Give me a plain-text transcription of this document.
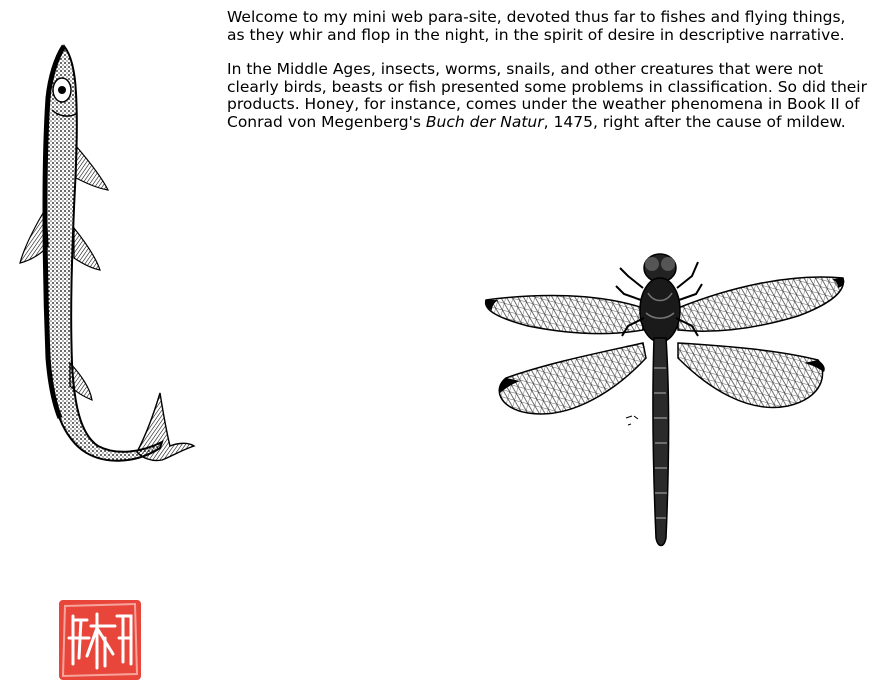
Welcome to my mini web para-site, devoted thus far to fishes and flying things, as they whir and flop in the night, in the spirit of desire in descriptive narrative.

In the Middle Ages, insects, worms, snails, and other creatures that were not clearly birds, beasts or fish presented some problems in classification. So did their products. Honey, for instance, comes under the weather phenomena in Book II of Conrad von Megenberg's Buch der Natur, 1475, right after the cause of mildew.
